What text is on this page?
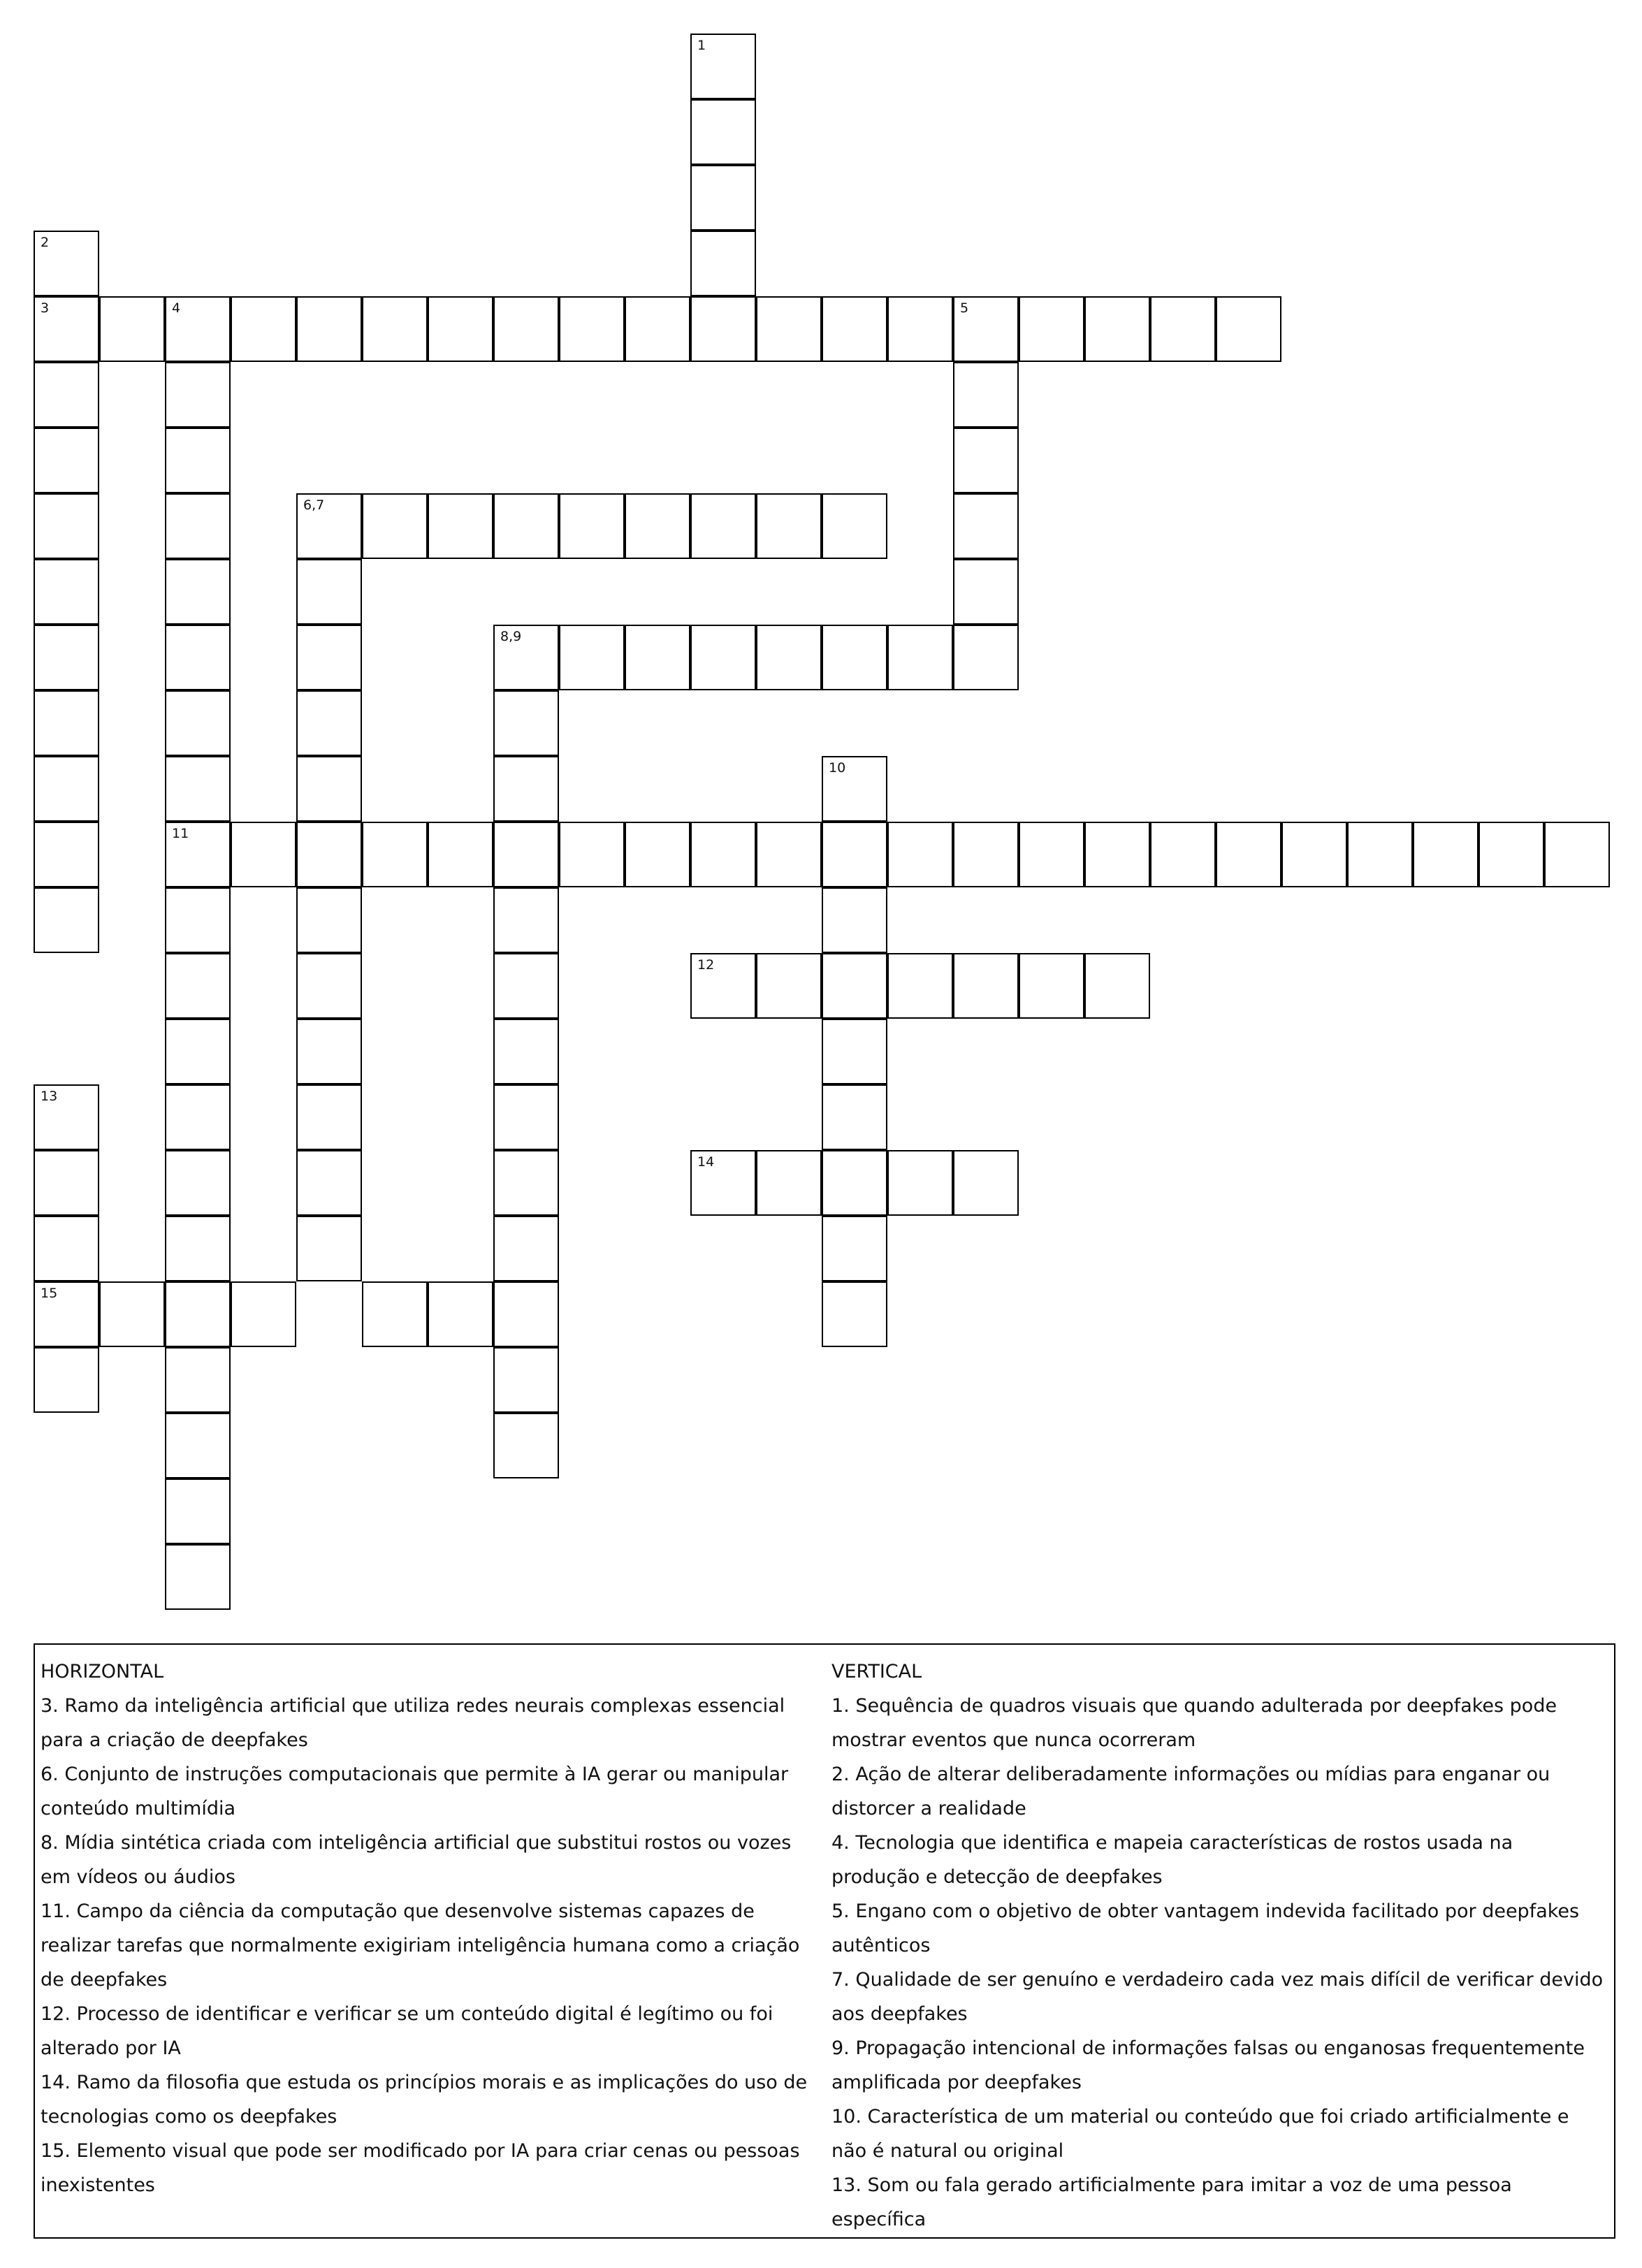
1
2
3	4	5
11
6,7
8,9
10
12
13
15
14
HORIZONTAL
3. Ramo da inteligência artificial que utiliza redes neurais complexas essencial para a criação de deepfakes
6. Conjunto de instruções computacionais que permite à IA gerar ou manipular conteúdo multimídia
8. Mídia sintética criada com inteligência artificial que substitui rostos ou vozes em vídeos ou áudios
11. Campo da ciência da computação que desenvolve sistemas capazes de realizar tarefas que normalmente exigiriam inteligência humana como a criação de deepfakes
12. Processo de identificar e verificar se um conteúdo digital é legítimo ou foi alterado por IA
14. Ramo da filosofia que estuda os princípios morais e as implicações do uso de tecnologias como os deepfakes
15. Elemento visual que pode ser modificado por IA para criar cenas ou pessoas inexistentes
VERTICAL
1. Sequência de quadros visuais que quando adulterada por deepfakes pode mostrar eventos que nunca ocorreram
2. Ação de alterar deliberadamente informações ou mídias para enganar ou distorcer a realidade
4. Tecnologia que identifica e mapeia características de rostos usada na produção e detecção de deepfakes
5. Engano com o objetivo de obter vantagem indevida facilitado por deepfakes autênticos
7. Qualidade de ser genuíno e verdadeiro cada vez mais difícil de verificar devido aos deepfakes
9. Propagação intencional de informações falsas ou enganosas frequentemente amplificada por deepfakes
10. Característica de um material ou conteúdo que foi criado artificialmente e não é natural ou original
13. Som ou fala gerado artificialmente para imitar a voz de uma pessoa específica
